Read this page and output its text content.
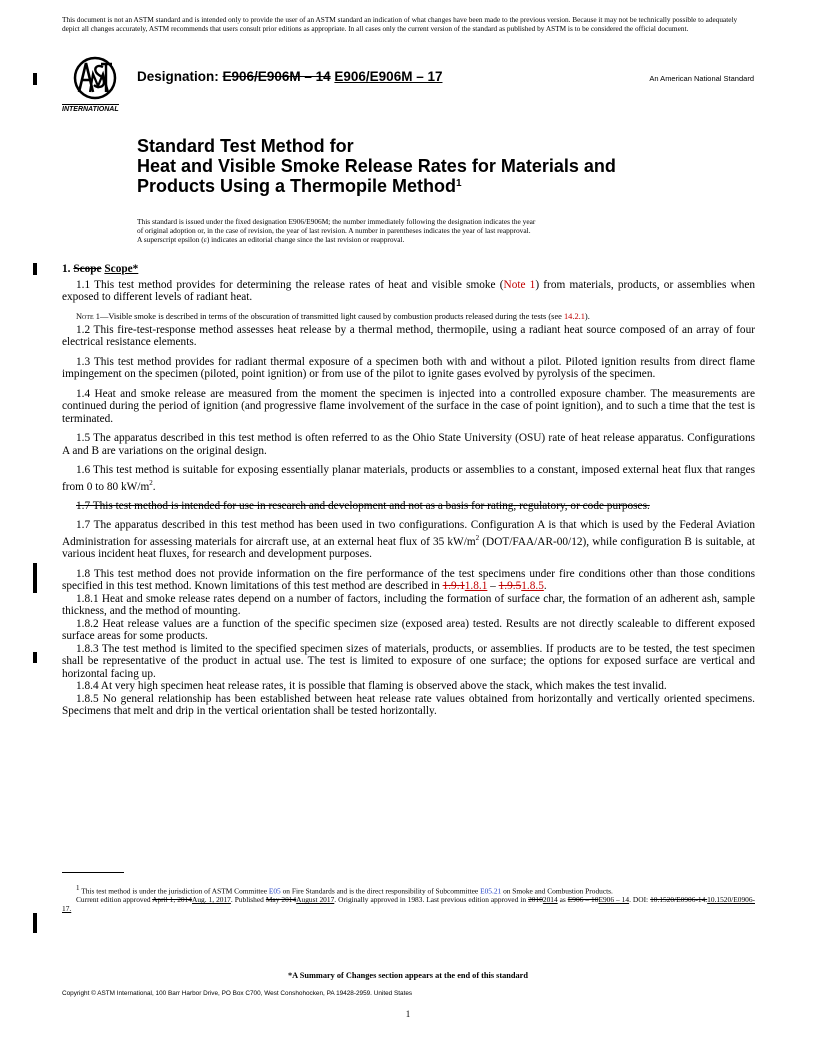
This document is not an ASTM standard and is intended only to provide the user of an ASTM standard an indication of what changes have been made to the previous version. Because it may not be technically possible to adequately depict all changes accurately, ASTM recommends that users consult prior editions as appropriate. In all cases only the current version of the standard as published by ASTM is to be considered the official document.
INTERNATIONAL
Designation: E906/E906M – 14 E906/E906M – 17	An American National Standard
Standard Test Method for
Heat and Visible Smoke Release Rates for Materials and
Products Using a Thermopile Method$^1$
This standard is issued under the fixed designation E906/E906M; the number immediately following the designation indicates the year
of original adoption or, in the case of revision, the year of last revision. A number in parentheses indicates the year of last reapproval.
A superscript epsilon (ε) indicates an editorial change since the last revision or reapproval.

1. Scope Scope*

1.1 This test method provides for determining the release rates of heat and visible smoke (Note 1) from materials, products, or assemblies when exposed to different levels of radiant heat.

Note 1—Visible smoke is described in terms of the obscuration of transmitted light caused by combustion products released during the tests (see 14.2.1).

1.2 This fire-test-response method assesses heat release by a thermal method, thermopile, using a radiant heat source composed of an array of four electrical resistance elements.

1.3 This test method provides for radiant thermal exposure of a specimen both with and without a pilot. Piloted ignition results from direct flame impingement on the specimen (piloted, point ignition) or from use of the pilot to ignite gases evolved by pyrolysis of the specimen.

1.4 Heat and smoke release are measured from the moment the specimen is injected into a controlled exposure chamber. The measurements are continued during the period of ignition (and progressive flame involvement of the surface in the case of point ignition), and to such a time that the test is terminated.

1.5 The apparatus described in this test method is often referred to as the Ohio State University (OSU) rate of heat release apparatus. Configurations A and B are variations on the original design.

1.6 This test method is suitable for exposing essentially planar materials, products or assemblies to a constant, imposed external heat flux that ranges from 0 to 80 $kW/m^2$.

1.7 This test method is intended for use in research and development and not as a basis for rating, regulatory, or code purposes.

1.7 The apparatus described in this test method has been used in two configurations. Configuration A is that which is used by the Federal Aviation Administration for assessing materials for aircraft use, at an external heat flux of 35 $kW/m^2$ (DOT/FAA/AR-00/12), while configuration B is suitable, at various incident heat fluxes, for research and development purposes.

1.8 This test method does not provide information on the fire performance of the test specimens under fire conditions other than those conditions specified in this test method. Known limitations of this test method are described in 1.9.11.8.1 – 1.9.51.8.5.

1.8.1 Heat and smoke release rates depend on a number of factors, including the formation of surface char, the formation of an adherent ash, sample thickness, and the method of mounting.

1.8.2 Heat release values are a function of the specific specimen size (exposed area) tested. Results are not directly scaleable to different exposed surface areas for some products.

1.8.3 The test method is limited to the specified specimen sizes of materials, products, or assemblies. If products are to be tested, the test specimen shall be representative of the product in actual use. The test is limited to exposure of one surface; the options for exposed surface are vertical and horizontal facing up.

1.8.4 At very high specimen heat release rates, it is possible that flaming is observed above the stack, which makes the test invalid.

1.8.5 No general relationship has been established between heat release rate values obtained from horizontally and vertically oriented specimens. Specimens that melt and drip in the vertical orientation shall be tested horizontally.

$^1$ This test method is under the jurisdiction of ASTM Committee E05 on Fire Standards and is the direct responsibility of Subcommittee E05.21 on Smoke and Combustion Products.

Current edition approved April 1, 2014Aug. 1, 2017. Published May 2014August 2017. Originally approved in 1983. Last previous edition approved in 20102014 as E906 – 10E906 – 14. DOI: 10.1520/E0906-14.10.1520/E0906-17.

*A Summary of Changes section appears at the end of this standard
Copyright © ASTM International, 100 Barr Harbor Drive, PO Box C700, West Conshohocken, PA 19428-2959. United States
1
